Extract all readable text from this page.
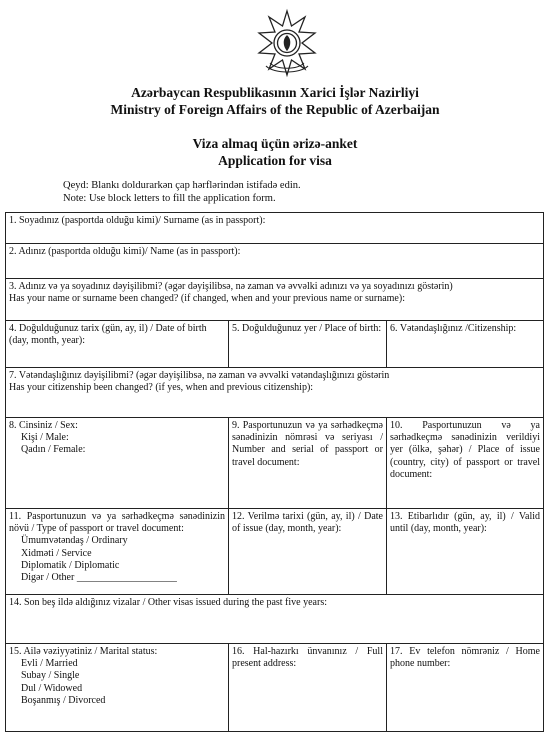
Azərbaycan Respublikasının Xarici İşlər Nazirliyi
Ministry of Foreign Affairs of the Republic of Azerbaijan
Viza almaq üçün ərizə-anket
Application for visa
Qeyd: Blankı doldurarkən çap hərflərindən istifadə edin.
Note: Use block letters to fill the application form.
1. Soyadınız (pasportda olduğu kimi)/ Surname (as in passport):
2. Adınız (pasportda olduğu kimi)/ Name (as in passport):
3. Adınız və ya soyadınız dəyişilibmi? (əgər dəyişilibsə, nə zaman və əvvəlki adınızı və ya soyadınızı göstərin)
Has your name or surname been changed? (if changed, when and your previous name or surname):
4. Doğulduğunuz tarix (gün, ay, il) / Date of birth (day, month, year):
5. Doğulduğunuz yer / Place of birth: 6. Vətəndaşlığınız /Citizenship:
7. Vətəndaşlığınız dəyişilibmi? (əgər dəyişilibsə, nə zaman və əvvəlki vətəndaşlığınızı göstərin
Has your citizenship been changed? (if yes, when and previous citizenship):
8. Cinsiniz / Sex:
Kişi / Male:
Qadın / Female:
9. Pasportunuzun və ya sərhədkeçmə sənədinizin nömrəsi və seriyası / Number and serial of passport or travel document:
10. Pasportunuzun və ya sərhədkeçmə sənədinizin verildiyi yer (ölkə, şəhər) / Place of issue (country, city) of passport or travel document:
11. Pasportunuzun və ya sərhədkeçmə sənədinizin növü / Type of passport or travel document:
Ümumvətəndaş / Ordinary
Xidməti / Service
Diplomatik / Diplomatic
Digər / Other ____________________
12. Verilmə tarixi (gün, ay, il) / Date of issue (day, month, year):
13. Etibarlıdır (gün, ay, il) / Valid until (day, month, year):
14. Son beş ildə aldığınız vizalar / Other visas issued during the past five years:
15. Ailə vəziyyətiniz / Marital status:
Evli / Married
Subay / Single
Dul / Widowed
Boşanmış / Divorced
16. Hal-hazırkı ünvanınız / Full present address:
17. Ev telefon nömrəniz / Home phone number:
